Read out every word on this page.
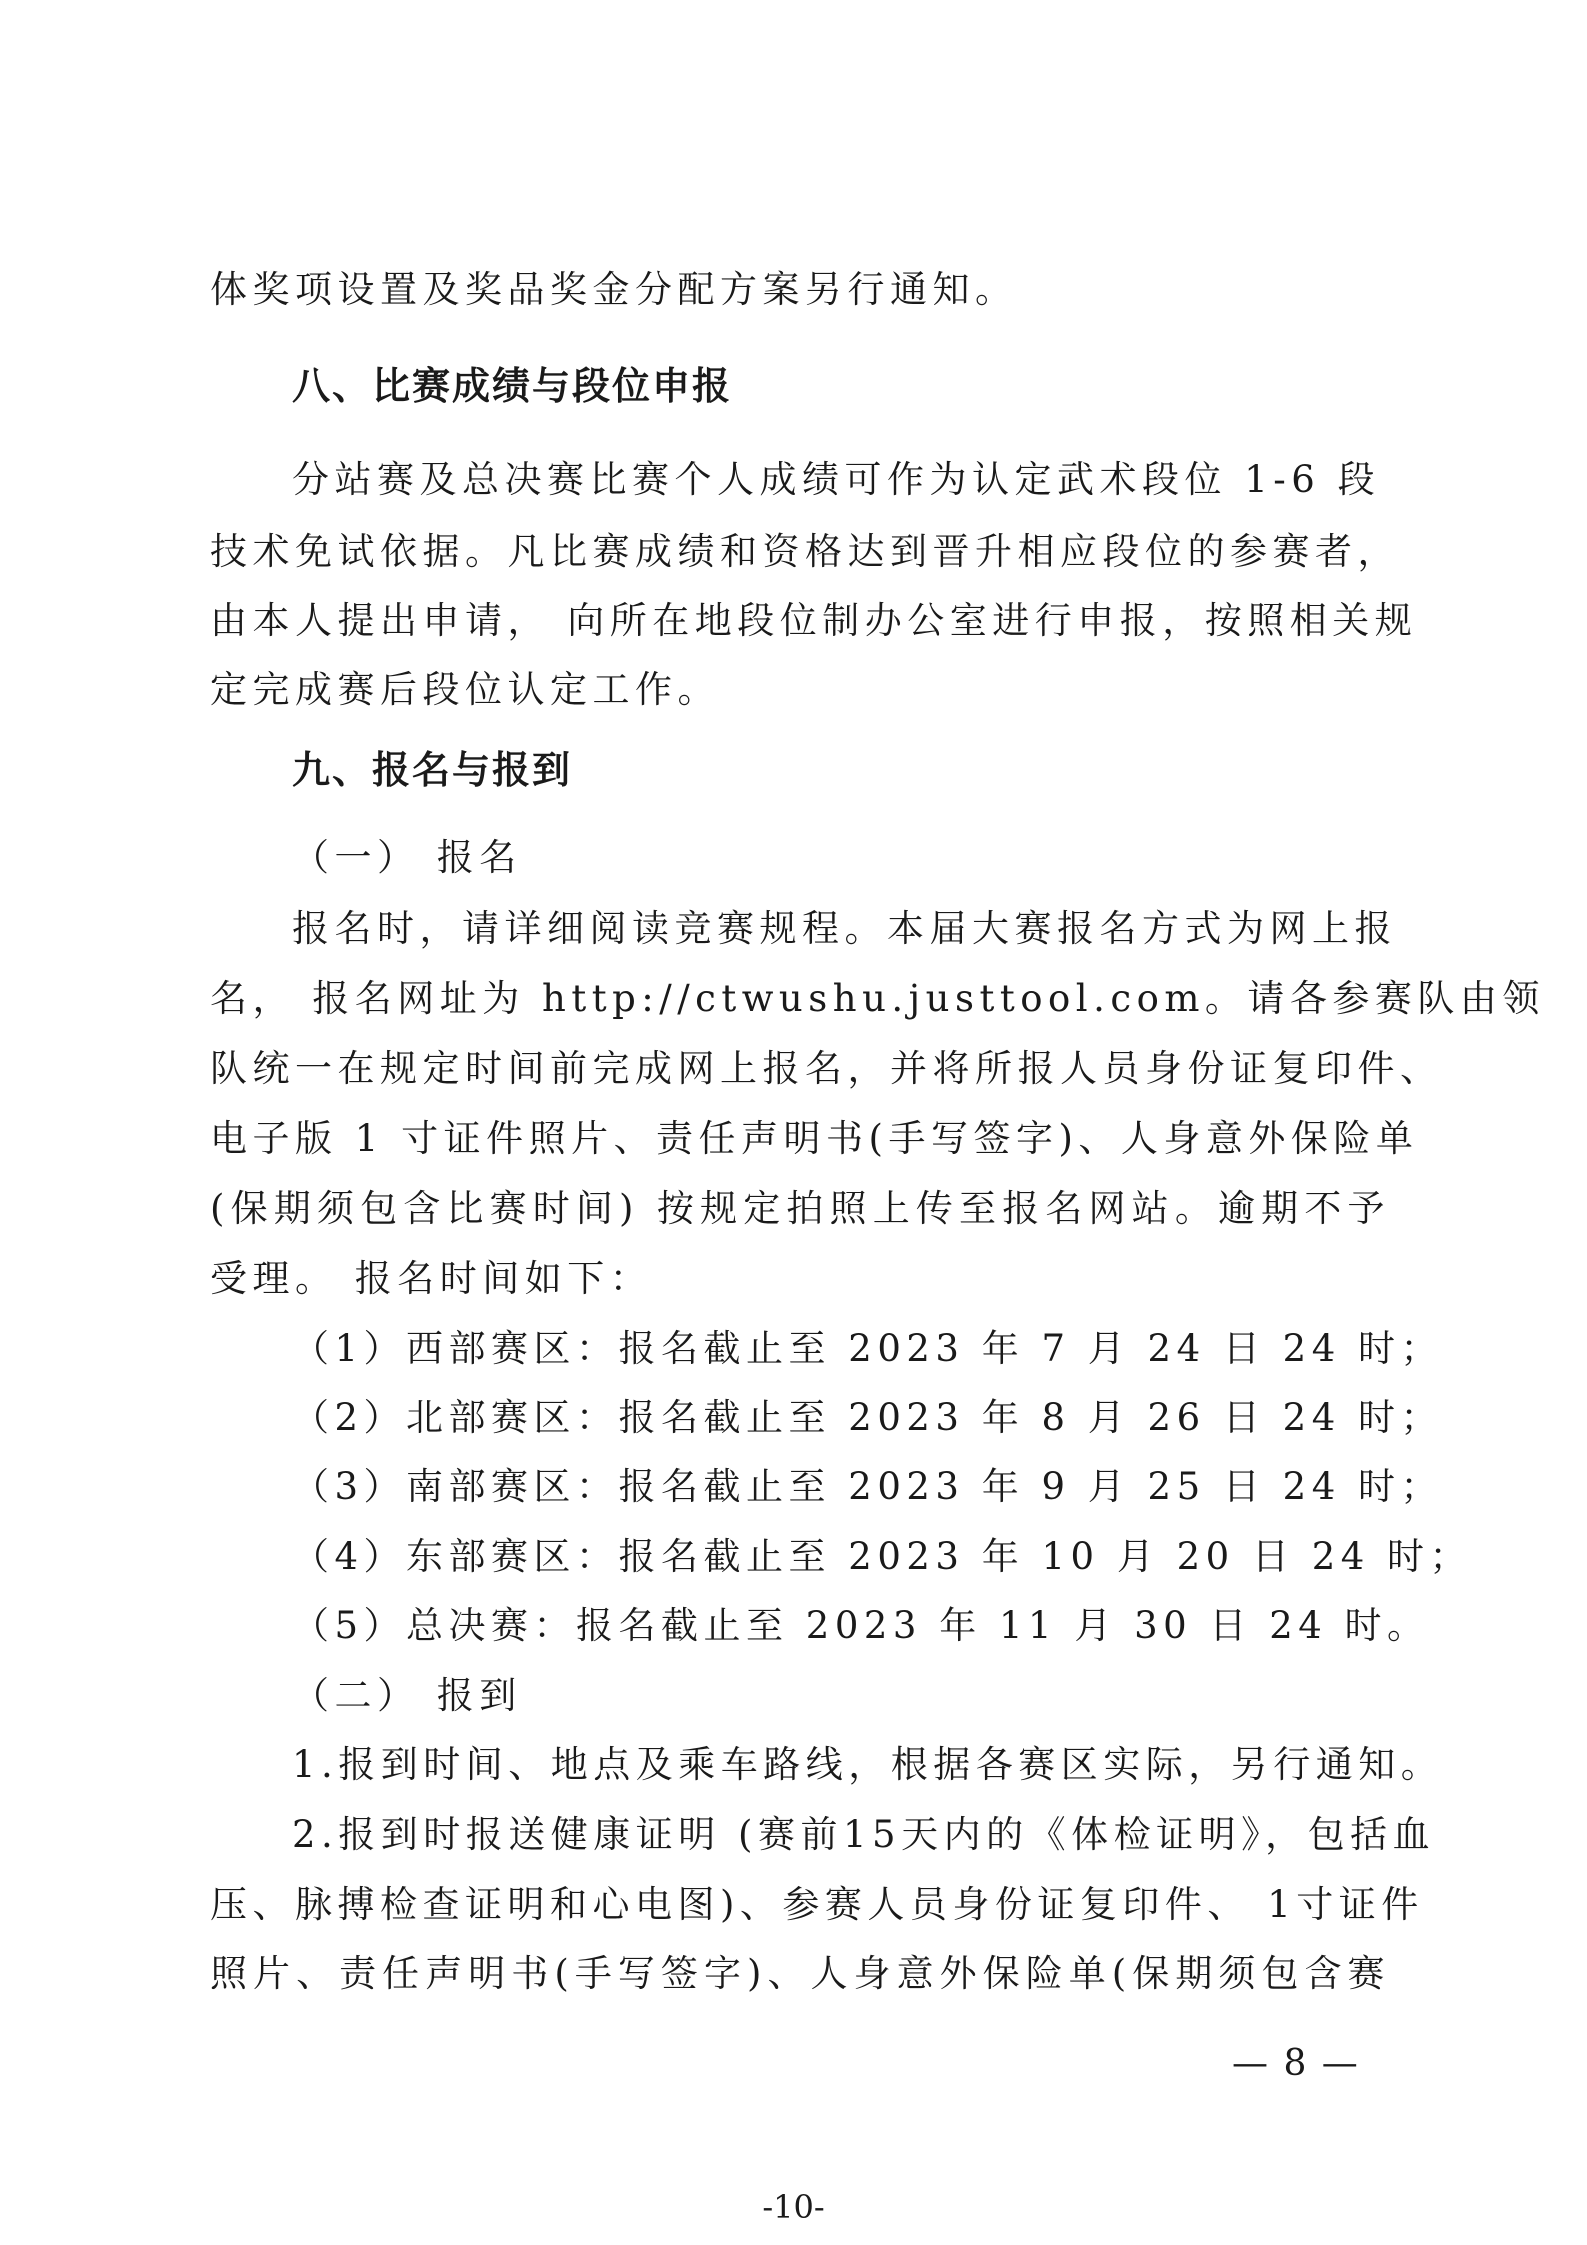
体奖项设置及奖品奖金分配方案另行通知。
八、比赛成绩与段位申报
分站赛及总决赛比赛个人成绩可作为认定武术段位 1-6 段
技术免试依据。凡比赛成绩和资格达到晋升相应段位的参赛者，
由本人提出申请， 向所在地段位制办公室进行申报，按照相关规
定完成赛后段位认定工作。
九、报名与报到
（一） 报名
报名时，请详细阅读竞赛规程。本届大赛报名方式为网上报
名， 报名网址为 http://ctwushu.justtool.com。请各参赛队由领
队统一在规定时间前完成网上报名，并将所报人员身份证复印件、
电子版 1 寸证件照片、责任声明书(手写签字)、人身意外保险单
(保期须包含比赛时间) 按规定拍照上传至报名网站。逾期不予
受理。 报名时间如下：
（1）西部赛区：报名截止至 2023 年 7 月 24 日 24 时；
（2）北部赛区：报名截止至 2023 年 8 月 26 日 24 时；
（3）南部赛区：报名截止至 2023 年 9 月 25 日 24 时；
（4）东部赛区：报名截止至 2023 年 10 月 20 日 24 时；
（5）总决赛：报名截止至 2023 年 11 月 30 日 24 时。
（二） 报到
1.报到时间、地点及乘车路线，根据各赛区实际，另行通知。
2.报到时报送健康证明 (赛前15天内的《体检证明》，包括血
压、脉搏检查证明和心电图)、参赛人员身份证复印件、 1寸证件
照片、责任声明书(手写签字)、人身意外保险单(保期须包含赛
— 8 —
-10-
